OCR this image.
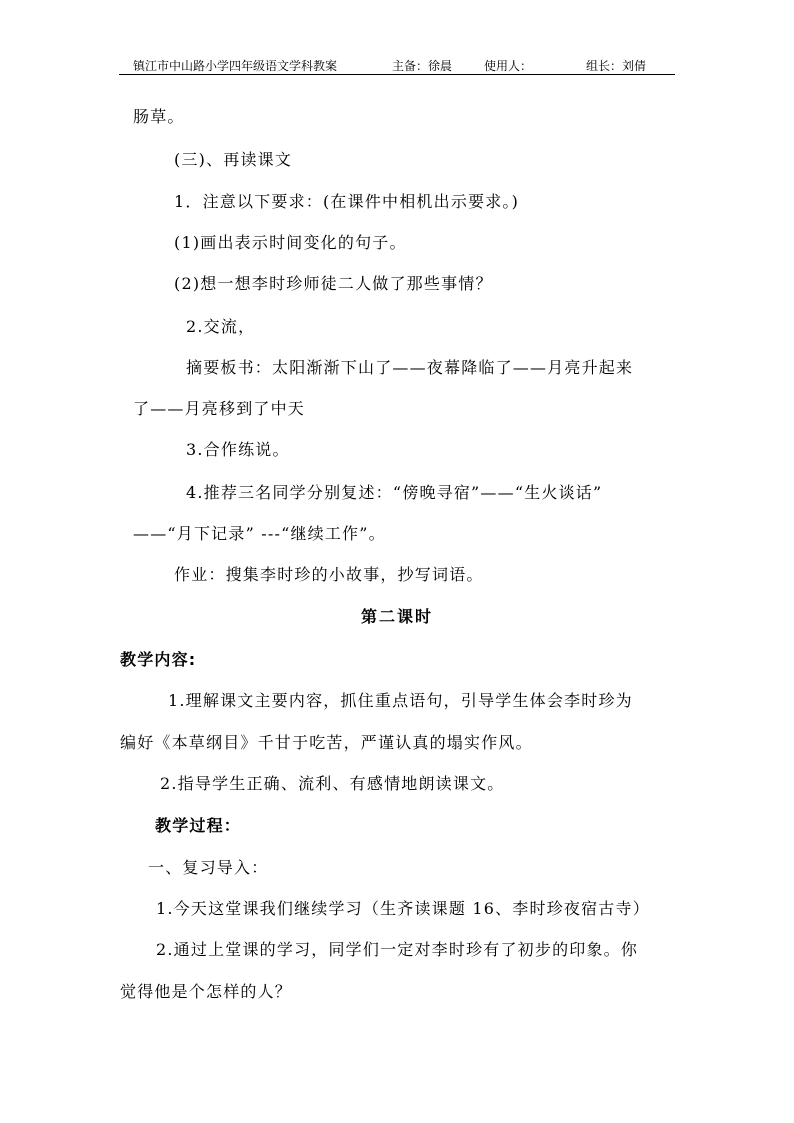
镇江市中山路小学四年级语文学科教案	主备：徐晨	使用人：	组长：刘倩
肠草。
(三)、再读课文
1．注意以下要求：(在课件中相机出示要求。)
(1)画出表示时间变化的句子。
(2)想一想李时珍师徒二人做了那些事情？
2.交流，
摘要板书：太阳渐渐下山了——夜幕降临了——月亮升起来
了——月亮移到了中天
3.合作练说。
4.推荐三名同学分别复述：“傍晚寻宿”——“生火谈话”
——“月下记录” ---“继续工作”。
作业：搜集李时珍的小故事，抄写词语。
第二课时
教学内容:
1.理解课文主要内容，抓住重点语句，引导学生体会李时珍为
编好《本草纲目》千甘于吃苦，严谨认真的塌实作风。
2.指导学生正确、流利、有感情地朗读课文。
教学过程：
一、复习导入：
1.今天这堂课我们继续学习（生齐读课题 16、李时珍夜宿古寺）
2.通过上堂课的学习，同学们一定对李时珍有了初步的印象。你
觉得他是个怎样的人？
